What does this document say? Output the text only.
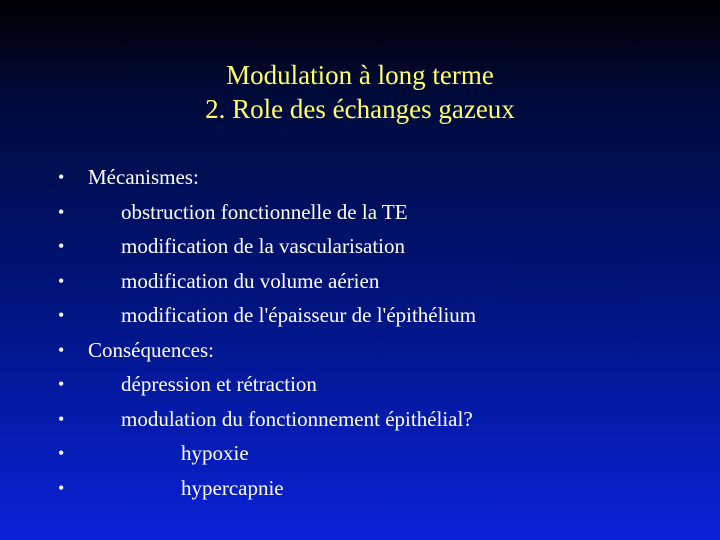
Modulation à long terme
2. Role des échanges gazeux
•	Mécanismes:
•	obstruction fonctionnelle de la TE
•	modification de la vascularisation
•	modification du volume aérien
•	modification de l'épaisseur de l'épithélium
•	Conséquences:
•	dépression et rétraction
•	modulation du fonctionnement épithélial?
•	hypoxie
•	hypercapnie
